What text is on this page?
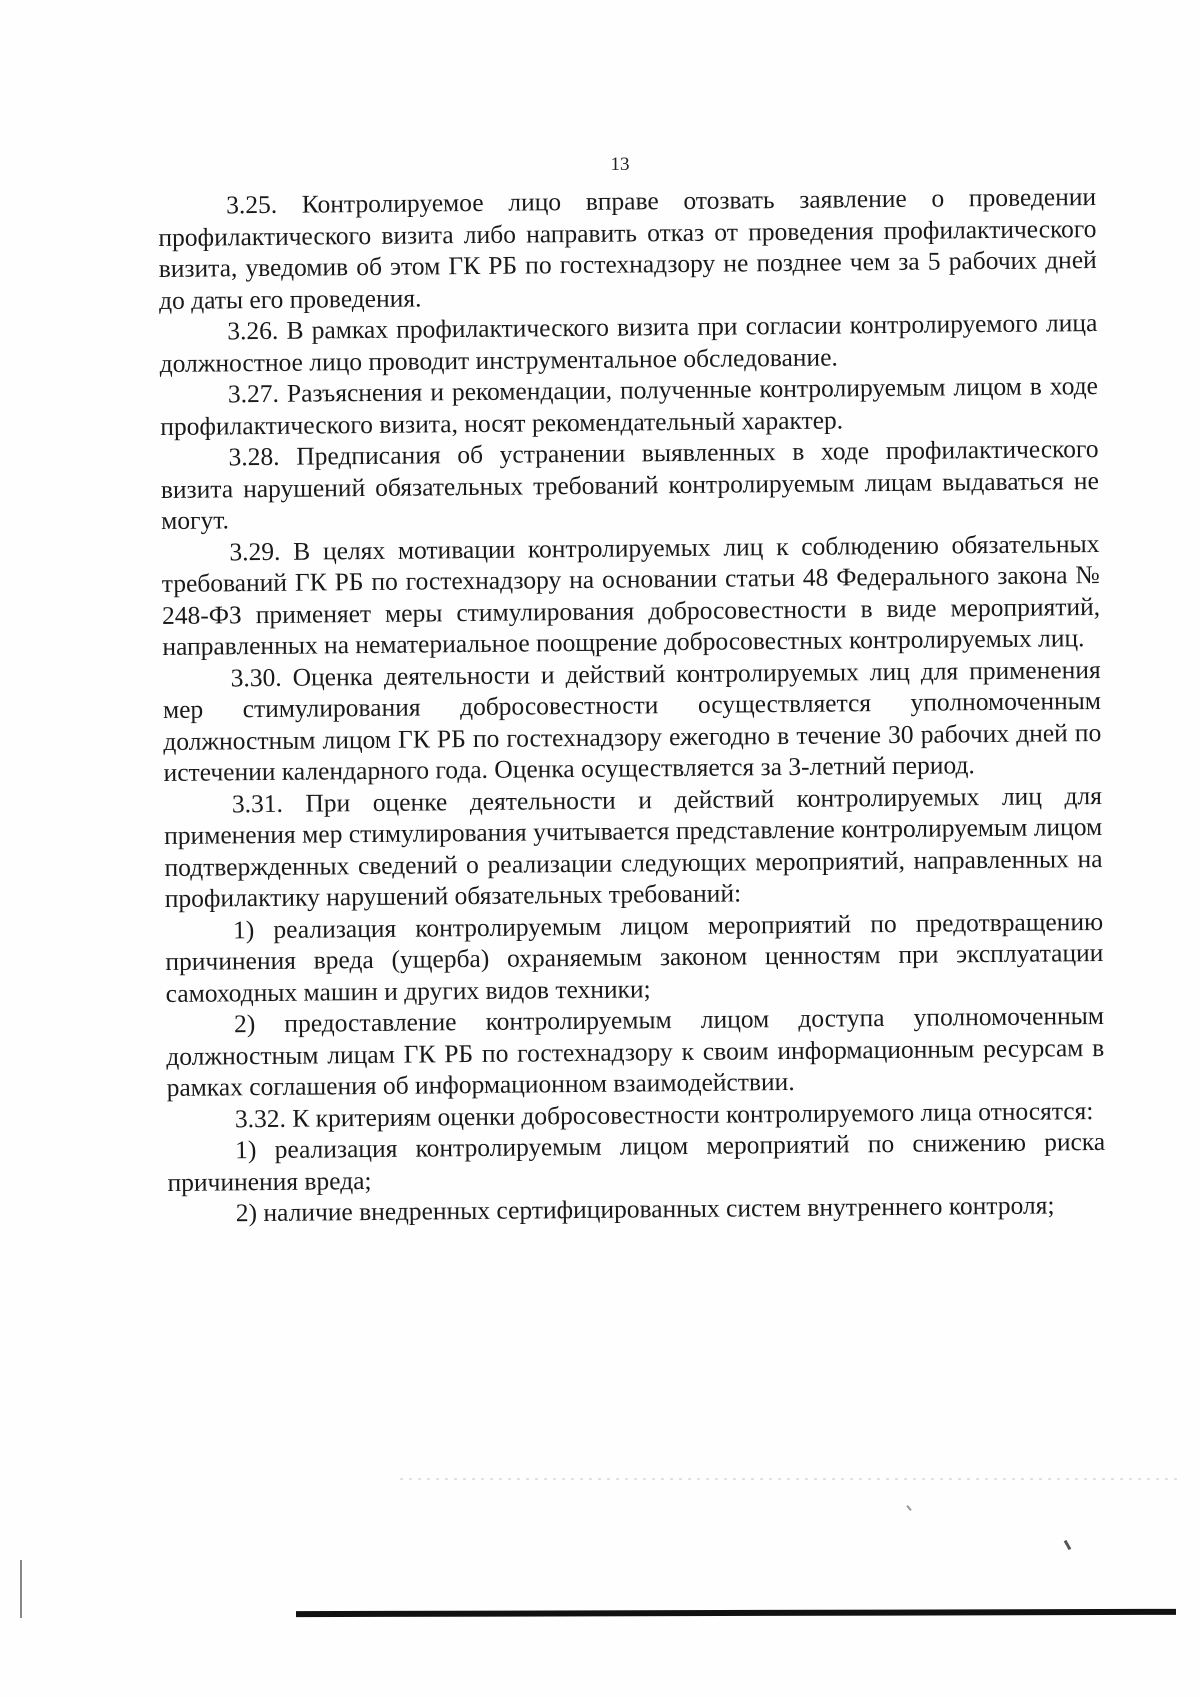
13

3.25. Контролируемое лицо вправе отозвать заявление о проведении профилактического визита либо направить отказ от проведения профилактического визита, уведомив об этом ГК РБ по гостехнадзору не позднее чем за 5 рабочих дней до даты его проведения.

3.26. В рамках профилактического визита при согласии контролируемого лица должностное лицо проводит инструментальное обследование.

3.27. Разъяснения и рекомендации, полученные контролируемым лицом в ходе профилактического визита, носят рекомендательный характер.

3.28. Предписания об устранении выявленных в ходе профилактического визита нарушений обязательных требований контролируемым лицам выдаваться не могут.

3.29. В целях мотивации контролируемых лиц к соблюдению обязательных требований ГК РБ по гостехнадзору на основании статьи 48 Федерального закона № 248-ФЗ применяет меры стимулирования добросовестности в виде мероприятий, направленных на нематериальное поощрение добросовестных контролируемых лиц.

3.30. Оценка деятельности и действий контролируемых лиц для применения мер стимулирования добросовестности осуществляется уполномоченным должностным лицом ГК РБ по гостехнадзору ежегодно в течение 30 рабочих дней по истечении календарного года. Оценка осуществляется за 3-летний период.

3.31. При оценке деятельности и действий контролируемых лиц для применения мер стимулирования учитывается представление контролируемым лицом подтвержденных сведений о реализации следующих мероприятий, направленных на профилактику нарушений обязательных требований:

1) реализация контролируемым лицом мероприятий по предотвращению причинения вреда (ущерба) охраняемым законом ценностям при эксплуатации самоходных машин и других видов техники;

2) предоставление контролируемым лицом доступа уполномоченным должностным лицам ГК РБ по гостехнадзору к своим информационным ресурсам в рамках соглашения об информационном взаимодействии.

3.32. К критериям оценки добросовестности контролируемого лица относятся:

1) реализация контролируемым лицом мероприятий по снижению риска причинения вреда;

2) наличие внедренных сертифицированных систем внутреннего контроля;
